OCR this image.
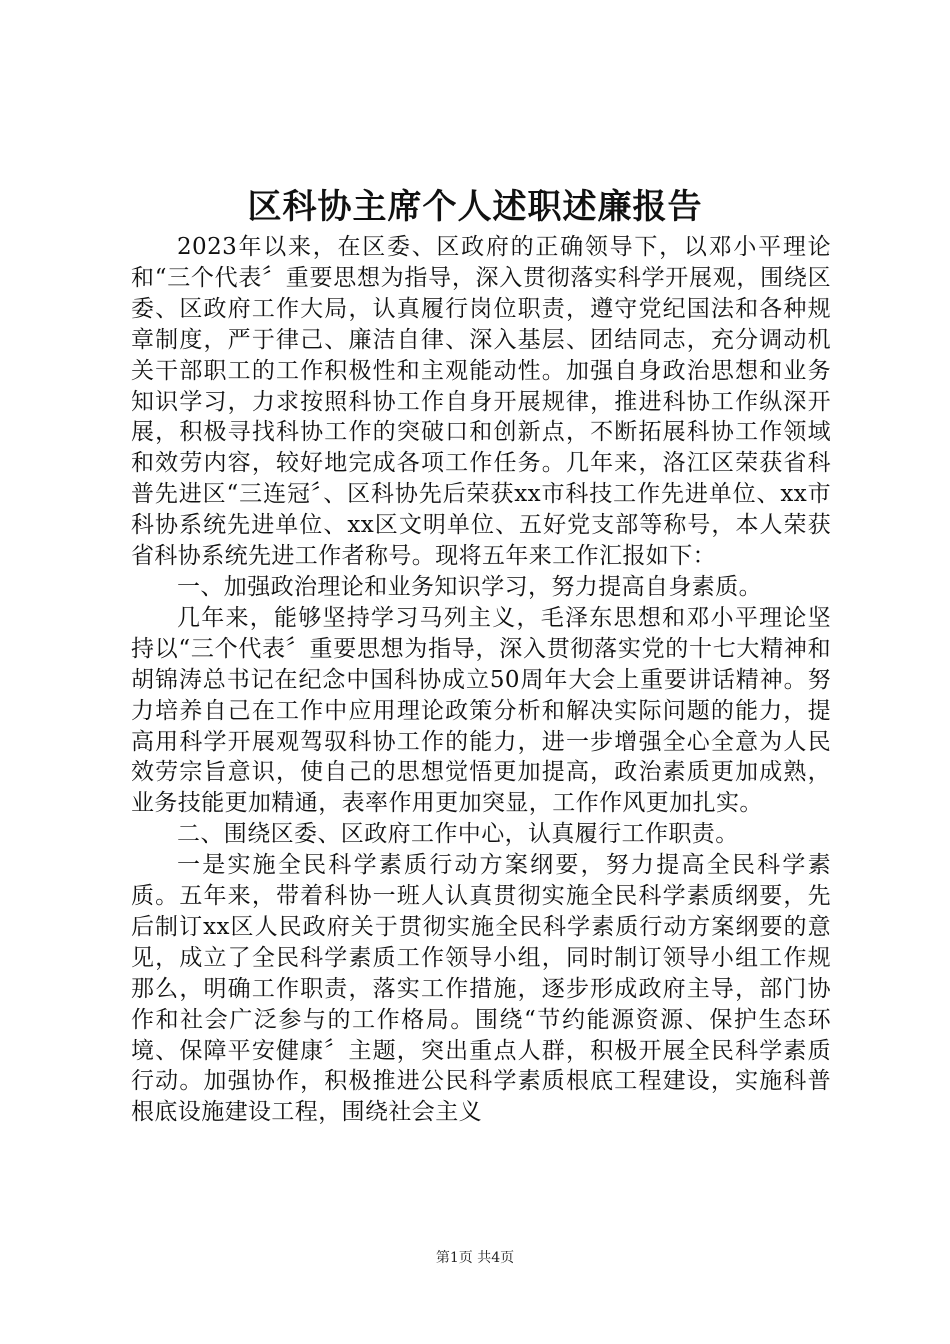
区科协主席个人述职述廉报告

2023年以来，在区委、区政府的正确领导下，以邓小平理论和“三个代表〞重要思想为指导，深入贯彻落实科学开展观，围绕区委、区政府工作大局，认真履行岗位职责，遵守党纪国法和各种规章制度，严于律己、廉洁自律、深入基层、团结同志，充分调动机关干部职工的工作积极性和主观能动性。加强自身政治思想和业务知识学习，力求按照科协工作自身开展规律，推进科协工作纵深开展，积极寻找科协工作的突破口和创新点，不断拓展科协工作领域和效劳内容，较好地完成各项工作任务。几年来，洛江区荣获省科普先进区“三连冠〞、区科协先后荣获xx市科技工作先进单位、xx市科协系统先进单位、xx区文明单位、五好党支部等称号，本人荣获省科协系统先进工作者称号。现将五年来工作汇报如下：

一、加强政治理论和业务知识学习，努力提高自身素质。

几年来，能够坚持学习马列主义，毛泽东思想和邓小平理论坚持以“三个代表〞重要思想为指导，深入贯彻落实党的十七大精神和胡锦涛总书记在纪念中国科协成立50周年大会上重要讲话精神。努力培养自己在工作中应用理论政策分析和解决实际问题的能力，提高用科学开展观驾驭科协工作的能力，进一步增强全心全意为人民效劳宗旨意识，使自己的思想觉悟更加提高，政治素质更加成熟，业务技能更加精通，表率作用更加突显，工作作风更加扎实。

二、围绕区委、区政府工作中心，认真履行工作职责。

一是实施全民科学素质行动方案纲要，努力提高全民科学素质。五年来，带着科协一班人认真贯彻实施全民科学素质纲要，先后制订xx区人民政府关于贯彻实施全民科学素质行动方案纲要的意见，成立了全民科学素质工作领导小组，同时制订领导小组工作规那么，明确工作职责，落实工作措施，逐步形成政府主导，部门协作和社会广泛参与的工作格局。围绕“节约能源资源、保护生态环境、保障平安健康〞主题，突出重点人群，积极开展全民科学素质行动。加强协作，积极推进公民科学素质根底工程建设，实施科普根底设施建设工程，围绕社会主义

第1页 共4页
